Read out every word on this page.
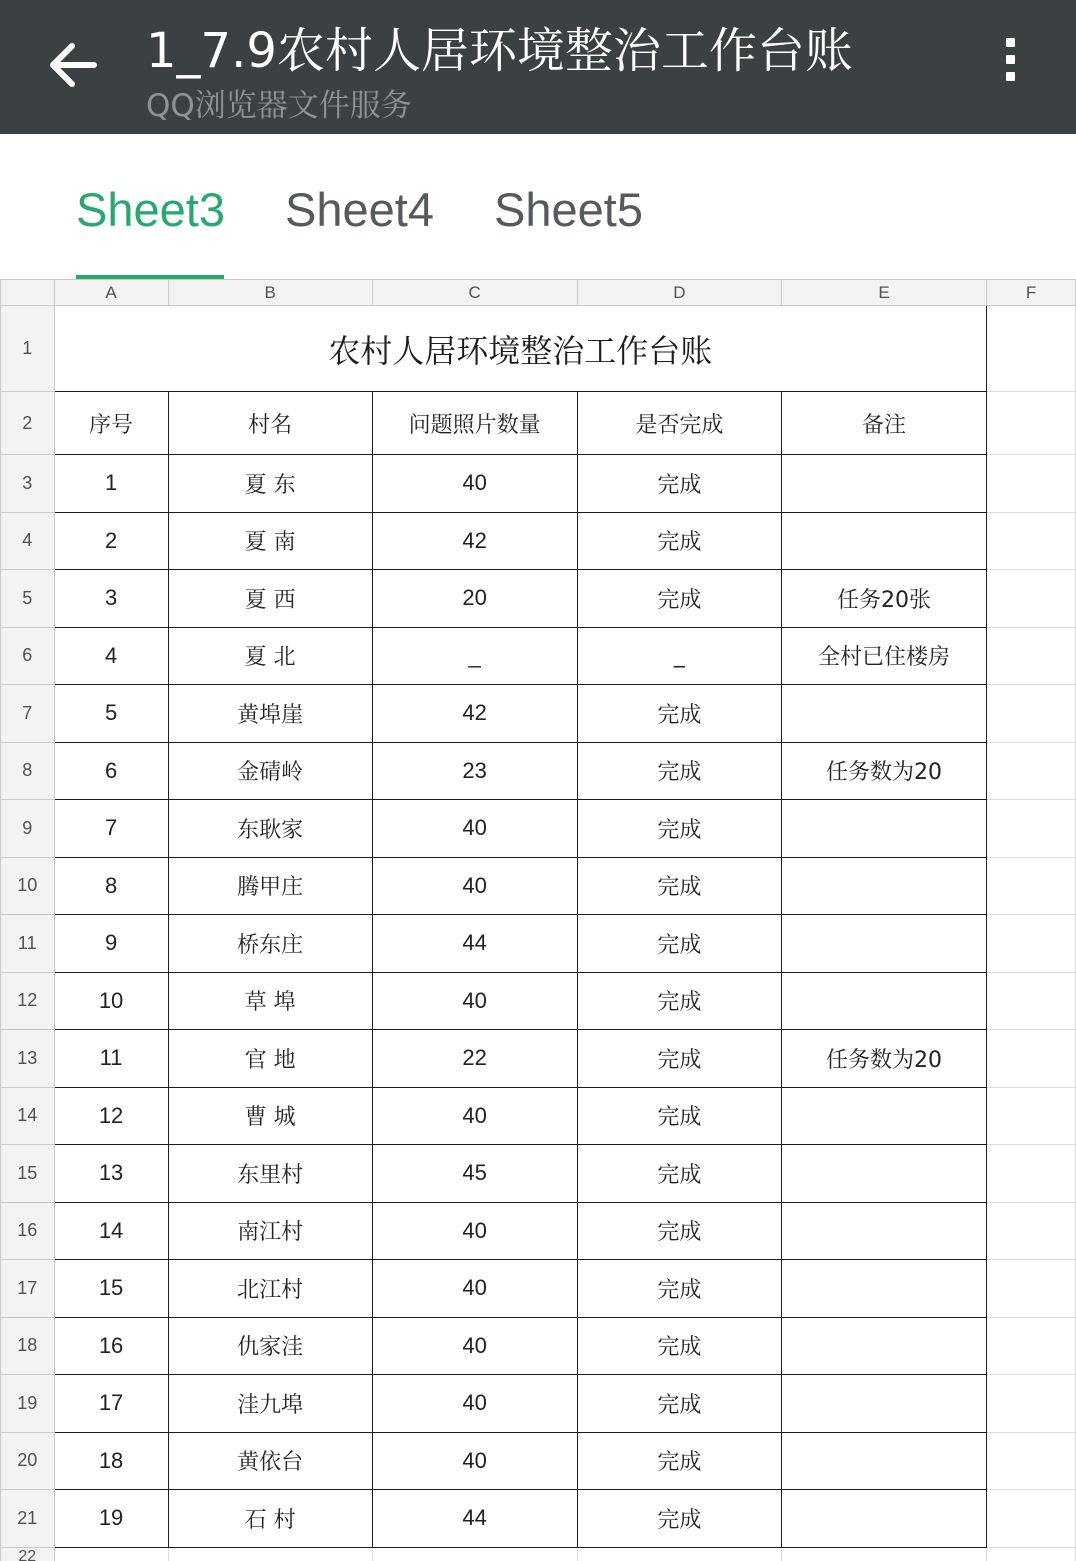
1_7.9农村人居环境整治工作台账
QQ浏览器文件服务
Sheet3 Sheet4 Sheet5
	A	B	C	D	E	F
1	农村人居环境整治工作台账					
2	序号	村名	问题照片数量	是否完成	备注	
3	1	夏 东	40	完成		
4	2	夏 南	42	完成		
5	3	夏 西	20	完成	任务20张	
6	4	夏 北	_	_	全村已住楼房	
7	5	黄埠崖	42	完成		
8	6	金碃岭	23	完成	任务数为20	
9	7	东耿家	40	完成		
10	8	腾甲庄	40	完成		
11	9	桥东庄	44	完成		
12	10	草 埠	40	完成		
13	11	官 地	22	完成	任务数为20	
14	12	曹 城	40	完成		
15	13	东里村	45	完成		
16	14	南江村	40	完成		
17	15	北江村	40	完成		
18	16	仇家洼	40	完成		
19	17	洼九埠	40	完成		
20	18	黄依台	40	完成		
21	19	石 村	44	完成		
22						
